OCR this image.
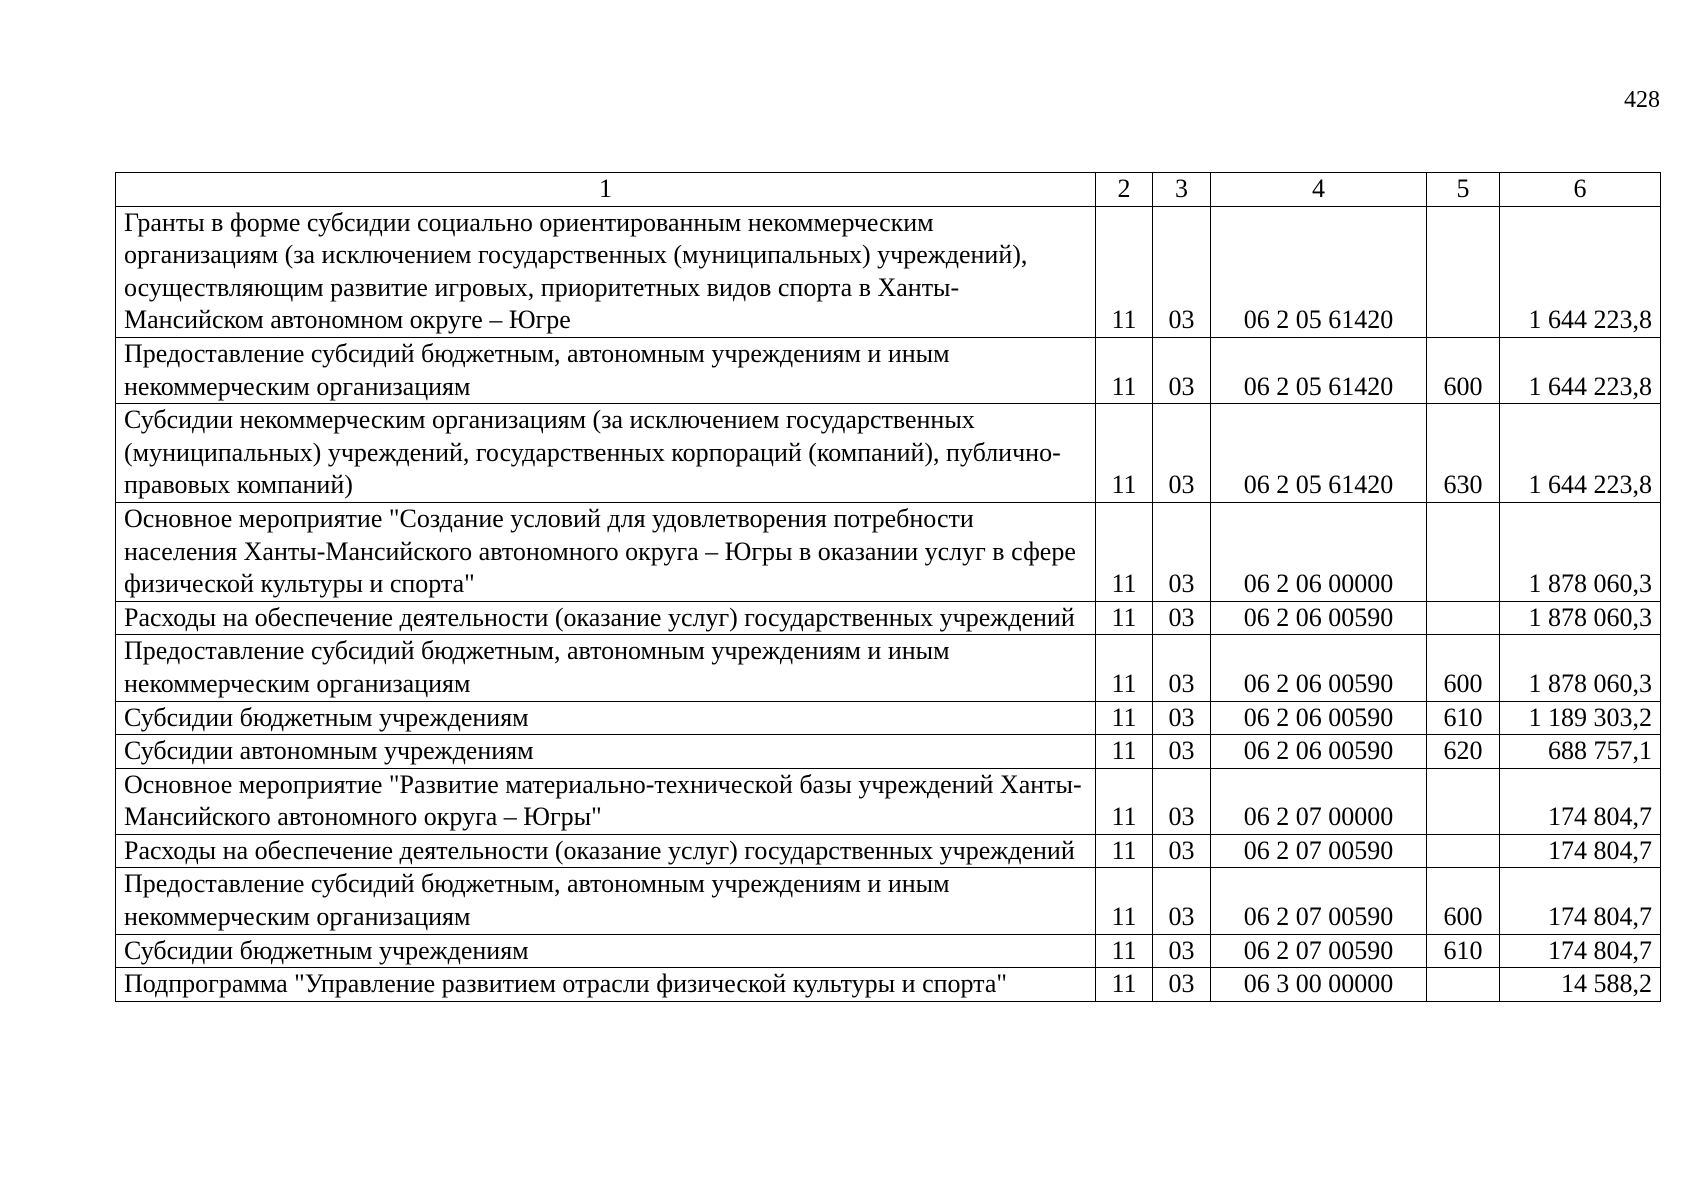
428
1	2	3	4	5	6
Гранты в форме субсидии социально ориентированным некоммерческим организациям (за исключением государственных (муниципальных) учреждений), осуществляющим развитие игровых, приоритетных видов спорта в Ханты-Мансийском автономном округе – Югре	11	03	06 2 05 61420		1 644 223,8
Предоставление субсидий бюджетным, автономным учреждениям и иным некоммерческим организациям	11	03	06 2 05 61420	600	1 644 223,8
Субсидии некоммерческим организациям (за исключением государственных (муниципальных) учреждений, государственных корпораций (компаний), публично-правовых компаний)	11	03	06 2 05 61420	630	1 644 223,8
Основное мероприятие "Создание условий для удовлетворения потребности населения Ханты-Мансийского автономного округа – Югры в оказании услуг в сфере физической культуры и спорта"	11	03	06 2 06 00000		1 878 060,3
Расходы на обеспечение деятельности (оказание услуг) государственных учреждений	11	03	06 2 06 00590		1 878 060,3
Предоставление субсидий бюджетным, автономным учреждениям и иным некоммерческим организациям	11	03	06 2 06 00590	600	1 878 060,3
Субсидии бюджетным учреждениям	11	03	06 2 06 00590	610	1 189 303,2
Субсидии автономным учреждениям	11	03	06 2 06 00590	620	688 757,1
Основное мероприятие "Развитие материально-технической базы учреждений Ханты-Мансийского автономного округа – Югры"	11	03	06 2 07 00000		174 804,7
Расходы на обеспечение деятельности (оказание услуг) государственных учреждений	11	03	06 2 07 00590		174 804,7
Предоставление субсидий бюджетным, автономным учреждениям и иным некоммерческим организациям	11	03	06 2 07 00590	600	174 804,7
Субсидии бюджетным учреждениям	11	03	06 2 07 00590	610	174 804,7
Подпрограмма "Управление развитием отрасли физической культуры и спорта"	11	03	06 3 00 00000		14 588,2
